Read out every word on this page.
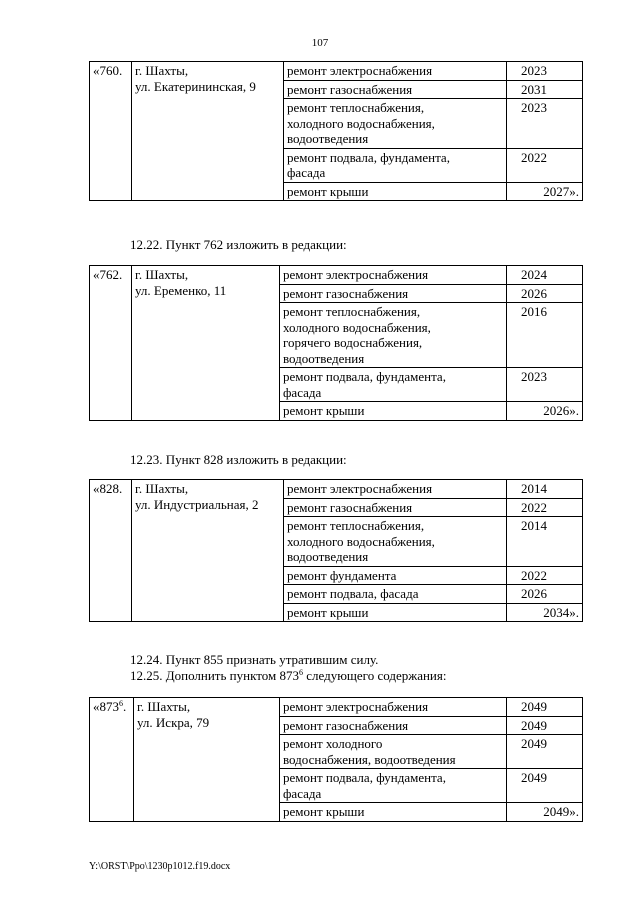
107
«760.	г. Шахты,
ул. Екатерининская, 9	ремонт электроснабжения	2023

		ремонт газоснабжения	2031

		ремонт теплоснабжения,
холодного водоснабжения,
водоотведения	2023

		ремонт подвала, фундамента,
фасада	2022

		ремонт крыши	2027».
12.22. Пункт 762 изложить в редакции:
«762.	г. Шахты,
ул. Еременко, 11	ремонт электроснабжения	2024

		ремонт газоснабжения	2026

		ремонт теплоснабжения,
холодного водоснабжения,
горячего водоснабжения,
водоотведения	2016

		ремонт подвала, фундамента,
фасада	2023

		ремонт крыши	2026».
12.23. Пункт 828 изложить в редакции:
«828.	г. Шахты,
ул. Индустриальная, 2	ремонт электроснабжения	2014

		ремонт газоснабжения	2022

		ремонт теплоснабжения,
холодного водоснабжения,
водоотведения	2014

		ремонт фундамента	2022

		ремонт подвала, фасада	2026

		ремонт крыши	2034».
12.24. Пункт 855 признать утратившим силу.
12.25. Дополнить пунктом $873^6$ следующего содержания:
«$873^6$.	г. Шахты,
ул. Искра, 79	ремонт электроснабжения	2049

		ремонт газоснабжения	2049

		ремонт холодного
водоснабжения, водоотведения	2049

		ремонт подвала, фундамента,
фасада	2049

		ремонт крыши	2049».
Y:\ORST\Ppo\1230p1012.f19.docx
